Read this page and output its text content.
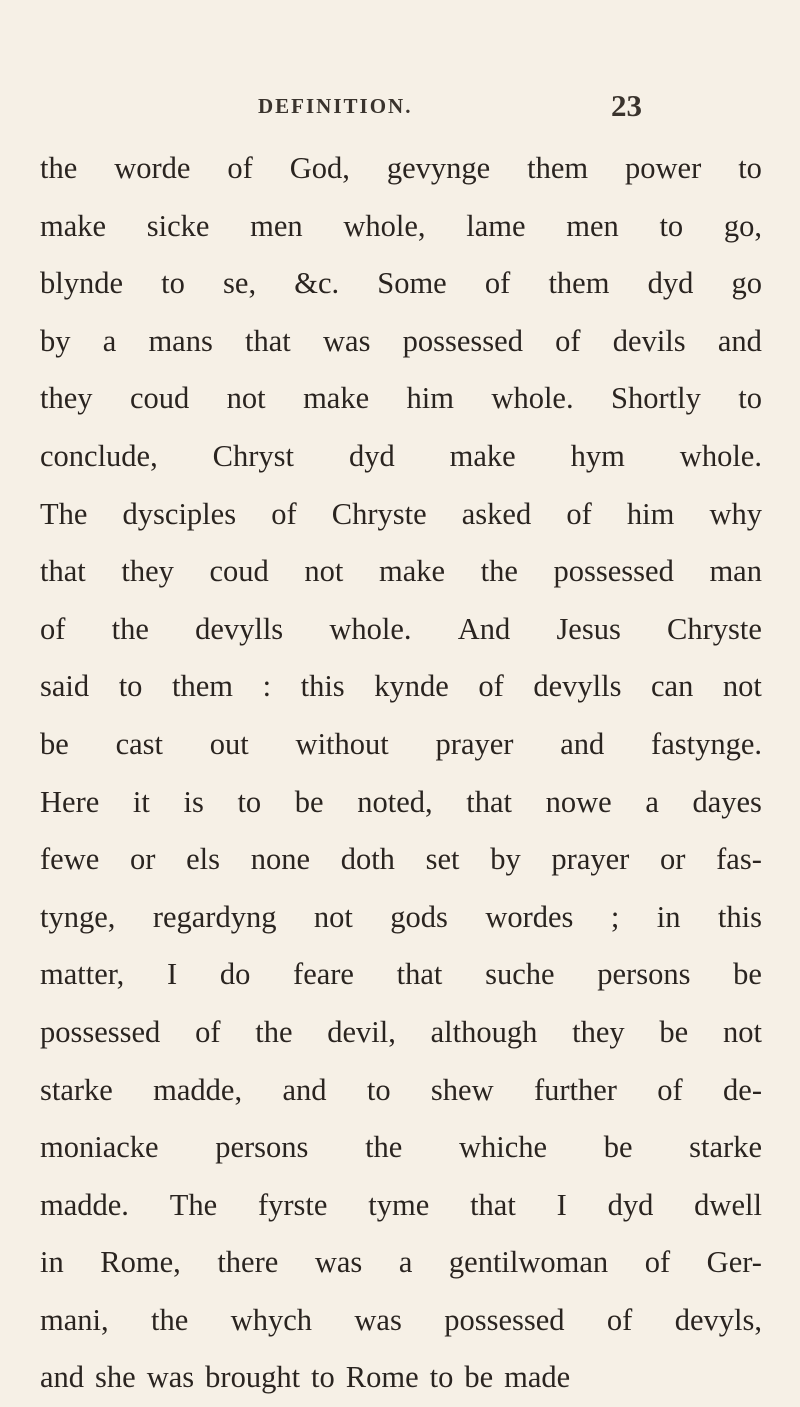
DEFINITION.	23
the worde of God, gevynge them power to
make sicke men whole, lame men to go,
blynde to se, &c. Some of them dyd go
by a mans that was possessed of devils and
they coud not make him whole. Shortly to
conclude, Chryst dyd make hym whole.
The dysciples of Chryste asked of him why
that they coud not make the possessed man
of the devylls whole. And Jesus Chryste
said to them : this kynde of devylls can not
be cast out without prayer and fastynge.
Here it is to be noted, that nowe a dayes
fewe or els none doth set by prayer or fas-
tynge, regardyng not gods wordes ; in this
matter, I do feare that suche persons be
possessed of the devil, although they be not
starke madde, and to shew further of de-
moniacke persons the whiche be starke
madde. The fyrste tyme that I dyd dwell
in Rome, there was a gentilwoman of Ger-
mani, the whych was possessed of devyls,
and she was brought to Rome to be made
